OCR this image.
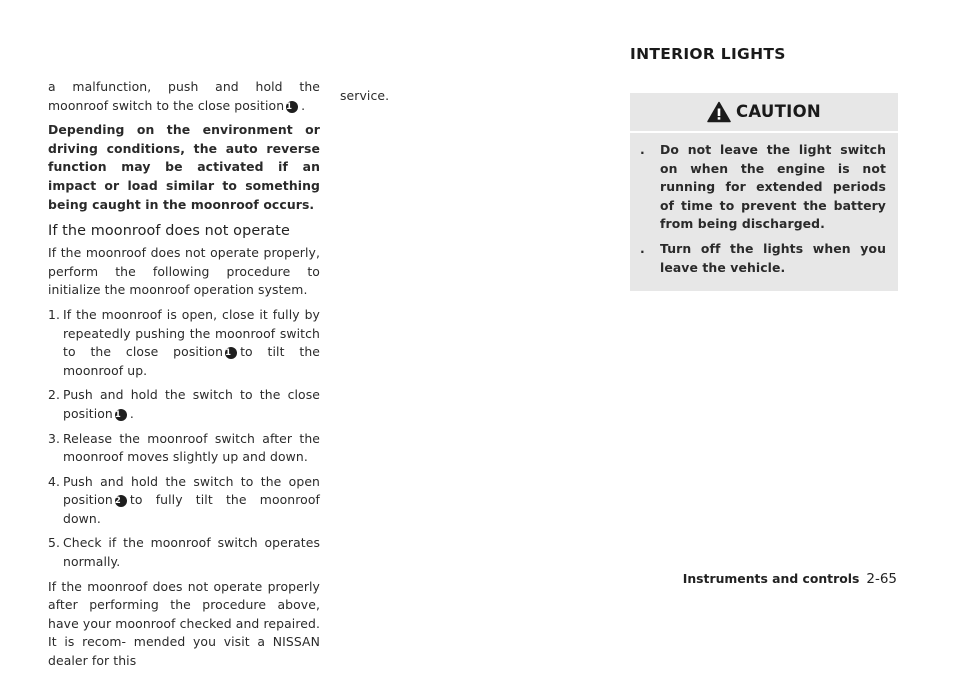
a malfunction, push and hold the moonroof switch to the close position 1 .

Depending on the environment or driving conditions, the auto reverse function may be activated if an impact or load similar to something being caught in the moonroof occurs.

If the moonroof does not operate

If the moonroof does not operate properly, perform the following procedure to initialize the moonroof operation system.

1. If the moonroof is open, close it fully by repeatedly pushing the moonroof switch to the close position 1 to tilt the moonroof up.
2. Push and hold the switch to the close position 1 .
3. Release the moonroof switch after the moonroof moves slightly up and down.
4. Push and hold the switch to the open position 2 to fully tilt the moonroof down.
5. Check if the moonroof switch operates normally.

If the moonroof does not operate properly after performing the procedure above, have your moonroof checked and repaired. It is recom- mended you visit a NISSAN dealer for this

service.

INTERIOR LIGHTS
CAUTION
. Do not leave the light switch on when the engine is not running for extended periods of time to prevent the battery from being discharged.
. Turn off the lights when you leave the vehicle.
Instruments and controls 2-65
